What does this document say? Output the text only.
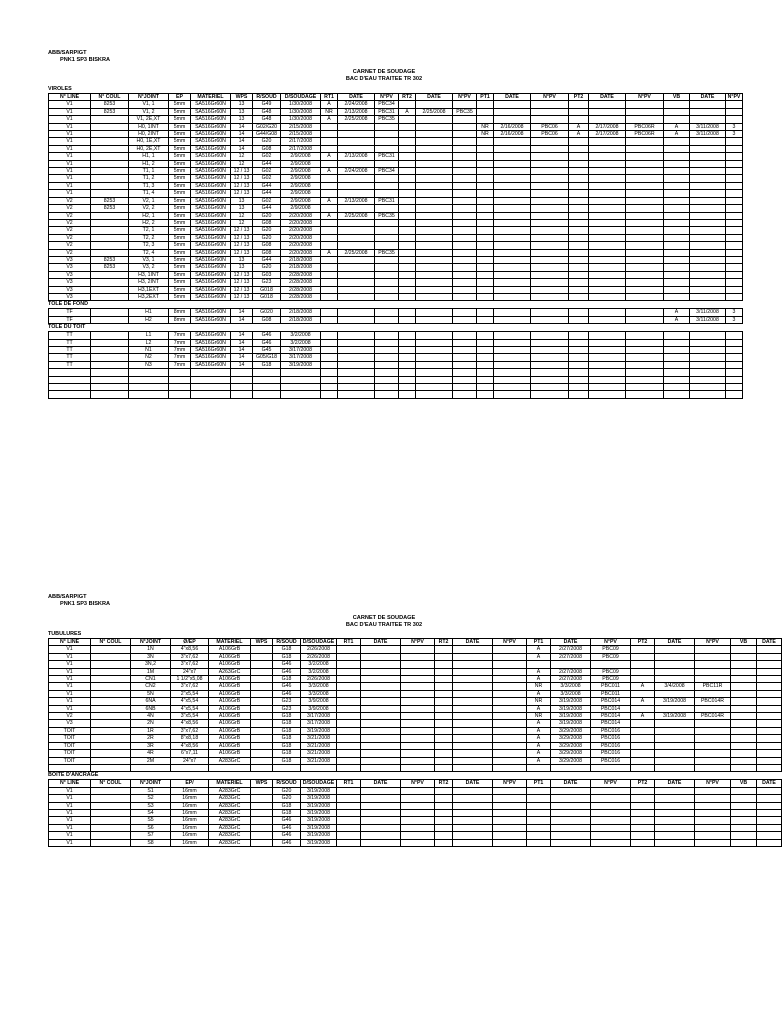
ABB/SARPIGT
PNK1 SP3 BISKRA
CARNET DE SOUDAGE
BAC D'EAU TRAITEE TR 302
VIROLES
N° LINE	N° COUL	N°JOINT	EP	MATERIEL	WPS	R/SOUD	D/SOUDAGE	RT1	DATE	N°PV	RT2	DATE	N°PV	PT1	DATE	N°PV	PT2	DATE	N°PV	VB	DATE	N°PV
V1	8253	V1, 1	5mm	SA516Gr60N	13	G49	1/30/2008	A	2/24/2008	PBC34												
V1	8253	V1, 2	5mm	SA516Gr60N	13	G48	1/30/2008	NR	2/13/2008	PBC31	A	2/25/2008	PBC35									
V1		V1, 2E,XT	5mm	SA516Gr60N	13	G48	1/30/2008	A	2/25/2008	PBC35												
V1		H0, 1INT	5mm	SA516Gr60N	14	G02/G20	2/15/2008							NR	2/16/2008	PBC06	A	2/17/2008	PBC06R	A	3/11/2008	3
V1		H0, 2INT	5mm	SA516Gr60N	14	G44/G08	2/15/2008							NR	2/16/2008	PBC06	A	2/17/2008	PBC06R	A	3/11/2008	3
V1		H0, 1E,XT	5mm	SA516Gr60N	14	G20	2/17/2008															
V1		H0, 2E,XT	5mm	SA516Gr60N	14	G08	2/17/2008															
V1		H1, 1	5mm	SA516Gr60N	12	G02	2/9/2008	A	2/13/2008	PBC31												
V1		H1, 2	5mm	SA516Gr60N	12	G44	2/9/2008															
V1		T1, 1	5mm	SA516Gr60N	12 / 13	G02	2/9/2008	A	2/24/2008	PBC34												
V1		T1, 2	5mm	SA516Gr60N	12 / 13	G02	2/9/2008															
V1		T1, 3	5mm	SA516Gr60N	12 / 13	G44	2/9/2008															
V1		T1, 4	5mm	SA516Gr60N	12 / 13	G44	2/9/2008															
V2	8253	V2, 1	5mm	SA516Gr60N	13	G02	2/9/2008	A	2/13/2008	PBC31												
V2	8253	V2, 2	5mm	SA516Gr60N	13	G44	2/9/2008															
V2		H2, 1	5mm	SA516Gr60N	12	G20	2/20/2008	A	2/25/2008	PBC35												
V2		H2, 2	5mm	SA516Gr60N	12	G08	2/20/2008															
V2		T2, 1	5mm	SA516Gr60N	12 / 13	G20	2/20/2008															
V2		T2, 2	5mm	SA516Gr60N	12 / 13	G20	2/20/2008															
V2		T2, 3	5mm	SA516Gr60N	12 / 13	G08	2/20/2008															
V2		T2, 4	5mm	SA516Gr60N	12 / 13	G08	2/20/2008	A	2/25/2008	PBC35												
V3	8253	V3, 1	5mm	SA516Gr60N	13	G44	2/18/2008															
V3	8253	V3, 2	5mm	SA516Gr60N	13	G20	2/18/2008															
V3		H3, 1INT	5mm	SA516Gr60N	12 / 13	G03	2/28/2008															
V3		H3, 2INT	5mm	SA516Gr60N	12 / 13	G23	2/28/2008															
V3		H3,1EXT	5mm	SA516Gr60N	12 / 13	G018	2/28/2008															
V3		H3,2EXT	5mm	SA516Gr60N	12 / 13	G018	2/28/2008															
TOLE DE FOND
TF		H1	8mm	SA516Gr60N	14	G020	2/18/2008													A	3/11/2008	3
TF		H2	8mm	SA516Gr60N	14	G08	2/18/2008													A	3/11/2008	3
TOLE DU TOIT
TT		L1	7mm	SA516Gr60N	14	G46	3/2/2008															
TT		L2	7mm	SA516Gr60N	14	G46	3/2/2008															
TT		N1	7mm	SA516Gr60N	14	G45	3/17/2008															
TT		N2	7mm	SA516Gr60N	14	G05/G18	3/17/2008															
TT		N3	7mm	SA516Gr60N	14	G18	3/19/2008															

ABB/SARPIGT
PNK1 SP3 BISKRA
CARNET DE SOUDAGE
BAC D'EAU TRAITEE TR 302
TUBULURES
N° LINE	N° COUL	N°JOINT	Ø/EP	MATERIEL	WPS	R/SOUD	D/SOUDAGE	RT1	DATE	N°PV	RT2	DATE	N°PV	PT1	DATE	N°PV	PT2	DATE	N°PV	VB	DATE
V1		1N	4"x8,56	A106GrB		G18	2/26/2008							A	2/27/2008	PBC09					
V1		3N	3"x7,62	A106GrB		G18	2/26/2008							A	2/27/2008	PBC09					
V1		3N,2	3"x7,62	A106GrB		G46	3/2/2008														
V1		1M	24"x7	A263GrC		G46	3/2/2008							A	2/27/2008	PBC09					
V1		CN1	1 1/2"x5,08	A106GrB		G18	2/26/2008							A	2/27/2008	PBC09					
V1		CN2	3"x7,62	A106GrB		G46	3/3/2008							NR	3/3/2008	PBC011	A	3/4/2008	PBC11R		
V1		5N	2"x5,54	A106GrB		G46	3/3/2008							A	3/3/2008	PBC011					
V1		6NA	4"x5,54	A106GrB		G23	3/9/2008							NR	3/19/2008	PBC014	A	3/19/2008	PBC014R		
V1		6NB	4"x5,54	A106GrB		G23	3/9/2008							A	3/19/2008	PBC014					
V2		4N	3"x5,54	A106GrB		G18	3/17/2008							NR	3/19/2008	PBC014	A	3/19/2008	PBC014R		
V3		2N	4"x8,56	A106GrB		G18	3/17/2008							A	3/19/2008	PBC014					
TOIT		1R	3"x7,62	A106GrB		G18	3/19/2008							A	3/29/2008	PBC016					
TOIT		2R	8"x8,18	A106GrB		G18	3/21/2008							A	3/29/2008	PBC016					
TOIT		3R	4"x8,56	A106GrB		G18	3/21/2008							A	3/29/2008	PBC016					
TOIT		4R	6"x7,11	A106GrB		G18	3/21/2008							A	3/29/2008	PBC016					
TOIT		2M	24"x7	A283GrC		G18	3/21/2008							A	3/29/2008	PBC016					

BOITE D'ANCRAGE
N° LINE	N° COUL	N°JOINT	EP/	MATERIEL	WPS	R/SOUD	D/SOUDAGE	RT1	DATE	N°PV	RT2	DATE	N°PV	PT1	DATE	N°PV	PT2	DATE	N°PV	VB	DATE
V1		S1	16mm	A283GrC		G20	3/19/2008														
V1		S2	16mm	A283GrC		G20	3/19/2008														
V1		S3	16mm	A283GrC		G18	3/19/2008														
V1		S4	16mm	A283GrC		G18	3/19/2008														
V1		S5	16mm	A283GrC		G46	3/19/2008														
V1		S6	16mm	A283GrC		G46	3/19/2008														
V1		S7	16mm	A283GrC		G46	3/19/2008														
V1		S8	16mm	A283GrC		G46	3/19/2008														
